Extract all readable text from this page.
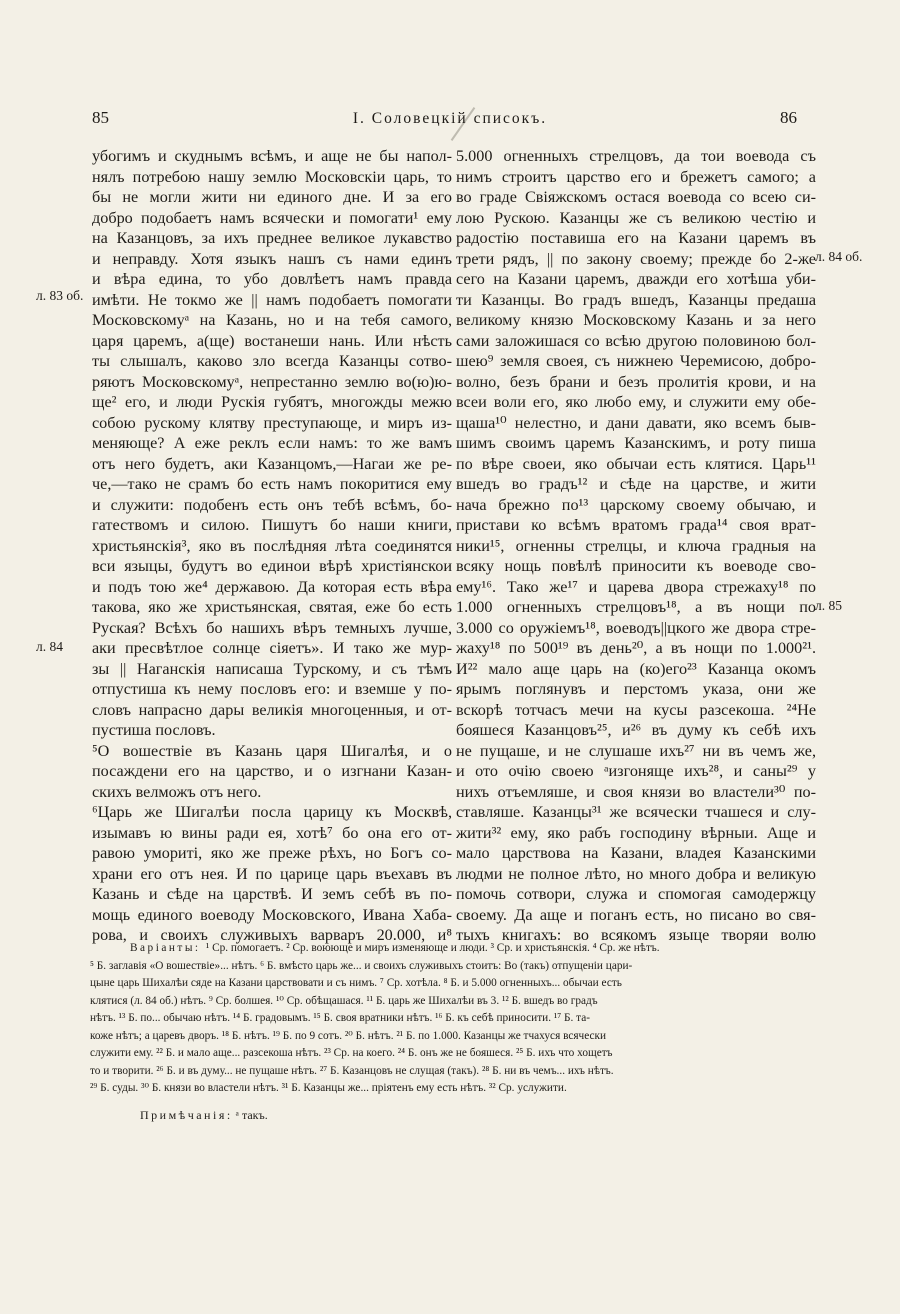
85	I. Соловецкій списокъ.	86
л. 83 об.
л. 84 об.
л. 85
л. 84
убогимъ и скуднымъ всѣмъ, и аще не бы напол-
нялъ потребою нашу землю Московскіи царь, то
бы не могли жити ни единого дне. И за его
добро подобаетъ намъ всячески и помогати¹ ему
на Казанцовъ, за ихъ преднее великое лукавство
и неправду. Хотя языкъ нашъ съ нами единъ
и вѣра едина, то убо довлѣетъ намъ правда
имѣти. Не токмо же || намъ подобаетъ помогати
Московскомуᵃ на Казань, но и на тебя самого,
царя царемъ, а(ще) востанеши нань. Или нѣсть
ты слышалъ, каково зло всегда Казанцы сотво-
ряютъ Московскомуᵃ, непрестанно землю во(ю)ю-
ще² его, и люди Рускія губятъ, многожды межю
собою рускому клятву преступающе, и миръ из-
меняюще? А еже реклъ если намъ: то же вамъ
отъ него будетъ, аки Казанцомъ,—Нагаи же ре-
че,—тако не срамъ бо есть намъ покоритися ему
и служити: подобенъ есть онъ тебѣ всѣмъ, бо-
гатествомъ и силою. Пишутъ бо наши книги,
христьянскія³, яко въ послѣдняя лѣта соединятся
вси языцы, будутъ во единои вѣрѣ христіянскои
и подъ тою же⁴ державою. Да которая есть вѣра
такова, яко же христьянская, святая, еже бо есть
Руская? Всѣхъ бо нашихъ вѣръ темныхъ лучше,
аки пресвѣтлое солнце сіяетъ». И тако же мур-
зы || Наганскія написаша Турскому, и съ тѣмъ
отпустиша къ нему пословъ его: и вземше у по-
словъ напрасно дары великія многоценныя, и от-
пустиша пословъ.
⁵О вошествіе въ Казань царя Шигалѣя, и о
посаждени его на царство, и о изгнани Казан-
скихъ велможъ отъ него.
⁶Царь же Шигалѣи посла царицу къ Москвѣ,
изымавъ ю вины ради ея, хотѣ⁷ бо она его от-
равою умориті, яко же преже рѣхъ, но Богъ со-
храни его отъ нея. И по царице царь въехавъ въ
Казань и сѣде на царствѣ. И земъ себѣ въ по-
мощь единого воеводу Московского, Ивана Хаба-
рова, и своихъ служивыхъ варваръ 20.000, и⁸
5.000 огненныхъ стрелцовъ, да тои воевода съ
нимъ строитъ царство его и брежетъ самого; а
во граде Свіяжскомъ остася воевода со всею си-
лою Рускою. Казанцы же съ великою честію и
радостію поставиша его на Казани царемъ въ
трети рядъ, || по закону своему; прежде бо 2-же
сего на Казани царемъ, дважди его хотѣша уби-
ти Казанцы. Во градъ вшедъ, Казанцы предаша
великому князю Московскому Казань и за него
сами заложишася со всѣю другою половиною бол-
шею⁹ земля своея, съ нижнею Черемисою, добро-
волно, безъ брани и безъ пролитія крови, и на
всеи воли его, яко любо ему, и служити ему обе-
щаша¹⁰ нелестно, и дани давати, яко всемъ быв-
шимъ своимъ царемъ Казанскимъ, и роту пиша
по вѣре своеи, яко обычаи есть клятися. Царь¹¹
вшедъ во градъ¹² и сѣде на царстве, и жити
нача брежно по¹³ царскому своему обычаю, и
пристави ко всѣмъ вратомъ града¹⁴ своя врат-
ники¹⁵, огненны стрелцы, и ключа градныя на
всяку нощь повѣлѣ приносити къ воеводе сво-
ему¹⁶. Тако же¹⁷ и царева двора стрежаху¹⁸ по
1.000 огненныхъ стрелцовъ¹⁸, а въ нощи по
3.000 со оружіемъ¹⁸, воеводъ||цкого же двора стре-
жаху¹⁸ по 500¹⁹ въ день²⁰, а въ нощи по 1.000²¹.
И²² мало аще царь на (ко)его²³ Казанца окомъ
ярымъ поглянувъ и перстомъ указа, они же
вскорѣ тотчасъ мечи на кусы разсекоша. ²⁴Не
бояшеся Казанцовъ²⁵, и²⁶ въ думу къ себѣ ихъ
не пущаше, и не слушаше ихъ²⁷ ни въ чемъ же,
и ото очію своею ᵃизгоняще ихъ²⁸, и саны²⁹ у
нихъ отъемляше, и своя князи во властели³⁰ по-
ставляше. Казанцы³¹ же всячески тчашеся и слу-
жити³² ему, яко рабъ господину вѣрныи. Аще и
мало царствова на Казани, владея Казанскими
людми не полное лѣто, но много добра и великую
помочь сотвори, служа и спомогая самодержцу
своему. Да аще и поганъ есть, но писано во свя-
тыхъ книгахъ: во всякомъ языце творяи волю
Варіанты: ¹ Ср. помогаетъ. ² Ср. воююще и миръ изменяюще и люди. ³ Ср. и христьянскія. ⁴ Ср. же нѣтъ.
⁵ Б. заглавія «О вошествіе»... нѣтъ. ⁶ Б. вмѣсто царь же... и своихъ служивыхъ стоитъ: Во (такъ) отпущеніи цари-
цыне царь Шихалѣи сяде на Казани царствовати и съ нимъ. ⁷ Ср. хотѣла. ⁸ Б. и 5.000 огненныхъ... обычаи есть
клятися (л. 84 об.) нѣтъ. ⁹ Ср. болшея. ¹⁰ Ср. обѣщашася. ¹¹ Б. царь же Шихалѣи въ 3. ¹² Б. вшедъ во градъ
нѣтъ. ¹³ Б. по... обычаю нѣтъ. ¹⁴ Б. градовымъ. ¹⁵ Б. своя вратники нѣтъ. ¹⁶ Б. къ себѣ приносити. ¹⁷ Б. та-
коже нѣтъ; а царевъ дворъ. ¹⁸ Б. нѣтъ. ¹⁹ Б. по 9 сотъ. ²⁰ Б. нѣтъ. ²¹ Б. по 1.000. Казанцы же тчахуся всячески
служити ему. ²² Б. и мало аще... разсекоша нѣтъ. ²³ Ср. на коего. ²⁴ Б. онъ же не бояшеся. ²⁵ Б. ихъ что хощетъ
то и творити. ²⁶ Б. и въ думу... не пущаше нѣтъ. ²⁷ Б. Казанцовъ не слущая (такъ). ²⁸ Б. ни въ чемъ... ихъ нѣтъ.
²⁹ Б. суды. ³⁰ Б. князи во властели нѣтъ. ³¹ Б. Казанцы же... пріятенъ ему есть нѣтъ. ³² Ср. услужити.
Примѣчанія: ᵃ такъ.
